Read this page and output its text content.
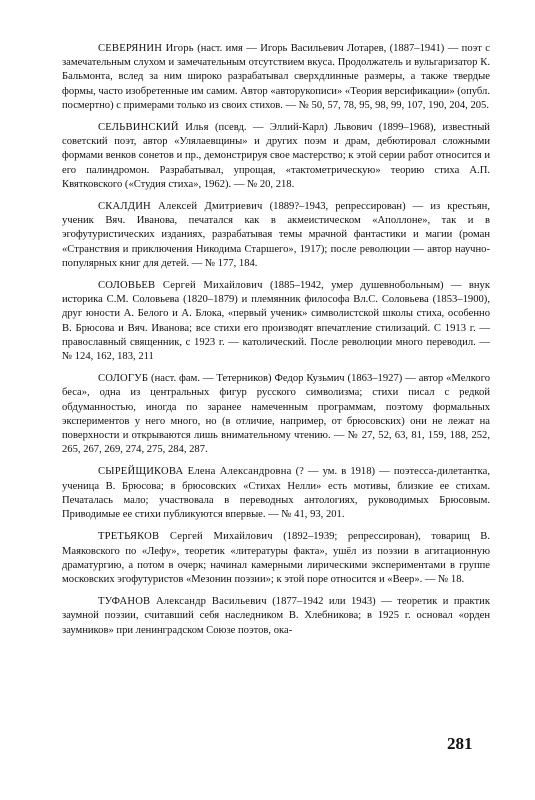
СЕВЕРЯНИН Игорь (наст. имя — Игорь Васильевич Лотарев, (1887–1941) — поэт с замечательным слухом и замечательным отсутствием вкуса. Продолжатель и вульгаризатор К. Бальмонта, вслед за ним широко разрабатывал сверхдлинные размеры, а также твердые формы, часто изобретенные им самим. Автор «авторукописи» «Теория версификации» (опубл. посмертно) с примерами только из своих стихов. — № 50, 57, 78, 95, 98, 99, 107, 190, 204, 205.

СЕЛЬВИНСКИЙ Илья (псевд. — Эллий-Карл) Львович (1899–1968), известный советский поэт, автор «Улялаевщины» и других поэм и драм, дебютировал сложными формами венков сонетов и пр., демонстрируя свое мастерство; к этой серии работ относится и его палиндромон. Разрабатывал, упрощая, «тактометрическую» теорию стиха А.П. Квятковского («Студия стиха», 1962). — № 20, 218.

СКАЛДИН Алексей Дмитриевич (1889?–1943, репрессирован) — из крестьян, ученик Вяч. Иванова, печатался как в акмеистическом «Аполлоне», так и в эгофутуристических изданиях, разрабатывая темы мрачной фантастики и магии (роман «Странствия и приключения Никодима Старшего», 1917); после революции — автор научно-популярных книг для детей. — № 177, 184.

СОЛОВЬЕВ Сергей Михайлович (1885–1942, умер душевнобольным) — внук историка С.М. Соловьева (1820–1879) и племянник философа Вл.С. Соловьева (1853–1900), друг юности А. Белого и А. Блока, «первый ученик» символистской школы стиха, особенно В. Брюсова и Вяч. Иванова; все стихи его производят впечатление стилизаций. С 1913 г. — православный священник, с 1923 г. — католический. После революции много переводил. — № 124, 162, 183, 211

СОЛОГУБ (наст. фам. — Тетерников) Федор Кузьмич (1863–1927) — автор «Мелкого беса», одна из центральных фигур русского символизма; стихи писал с редкой обдуманностью, иногда по заранее намеченным программам, поэтому формальных экспериментов у него много, но (в отличие, например, от брюсовских) они не лежат на поверхности и открываются лишь внимательному чтению. — № 27, 52, 63, 81, 159, 188, 252, 265, 267, 269, 274, 275, 284, 287.

СЫРЕЙЩИКОВА Елена Александровна (? — ум. в 1918) — поэтесса-дилетантка, ученица В. Брюсова; в брюсовских «Стихах Нелли» есть мотивы, близкие ее стихам. Печаталась мало; участвовала в переводных антологиях, руководимых Брюсовым. Приводимые ее стихи публикуются впервые. — № 41, 93, 201.

ТРЕТЬЯКОВ Сергей Михайлович (1892–1939; репрессирован), товарищ В. Маяковского по «Лефу», теоретик «литературы факта», ушёл из поэзии в агитационную драматургию, а потом в очерк; начинал камерными лирическими экспериментами в группе московских эгофутуристов «Мезонин поэзии»; к этой поре относится и «Веер». — № 18.

ТУФАНОВ Александр Васильевич (1877–1942 или 1943) — теоретик и практик заумной поэзии, считавший себя наследником В. Хлебникова; в 1925 г. основал «орден заумников» при ленинградском Союзе поэтов, ока-

281
